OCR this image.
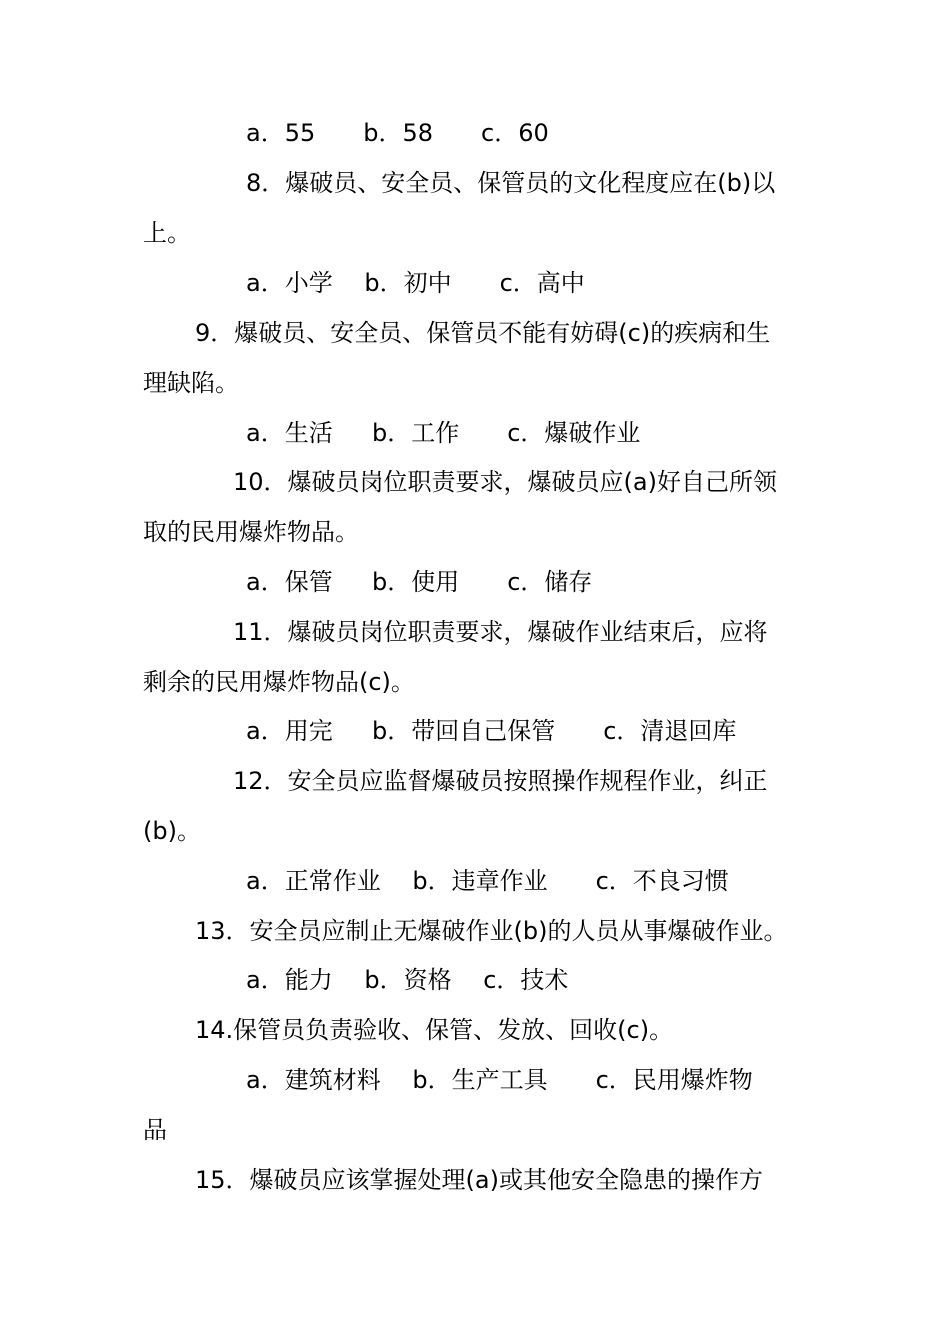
a．55　　b．58　　c．60
8．爆破员、安全员、保管员的文化程度应在(b)以
上。
a．小学　 b．初中　　c．高中
9．爆破员、安全员、保管员不能有妨碍(c)的疾病和生
理缺陷。
a．生活　  b．工作　　c．爆破作业
10．爆破员岗位职责要求，爆破员应(a)好自己所领
取的民用爆炸物品。
a．保管　  b．使用　　c．储存
11．爆破员岗位职责要求，爆破作业结束后，应将
剩余的民用爆炸物品(c)。
a．用完　  b．带回自己保管　　c．清退回库
12．安全员应监督爆破员按照操作规程作业，纠正
(b)。
a．正常作业　 b．违章作业　　c．不良习惯
13．安全员应制止无爆破作业(b)的人员从事爆破作业。
a．能力　 b．资格　 c．技术
14.保管员负责验收、保管、发放、回收(c)。
a．建筑材料　 b．生产工具　　c．民用爆炸物
品
15．爆破员应该掌握处理(a)或其他安全隐患的操作方
